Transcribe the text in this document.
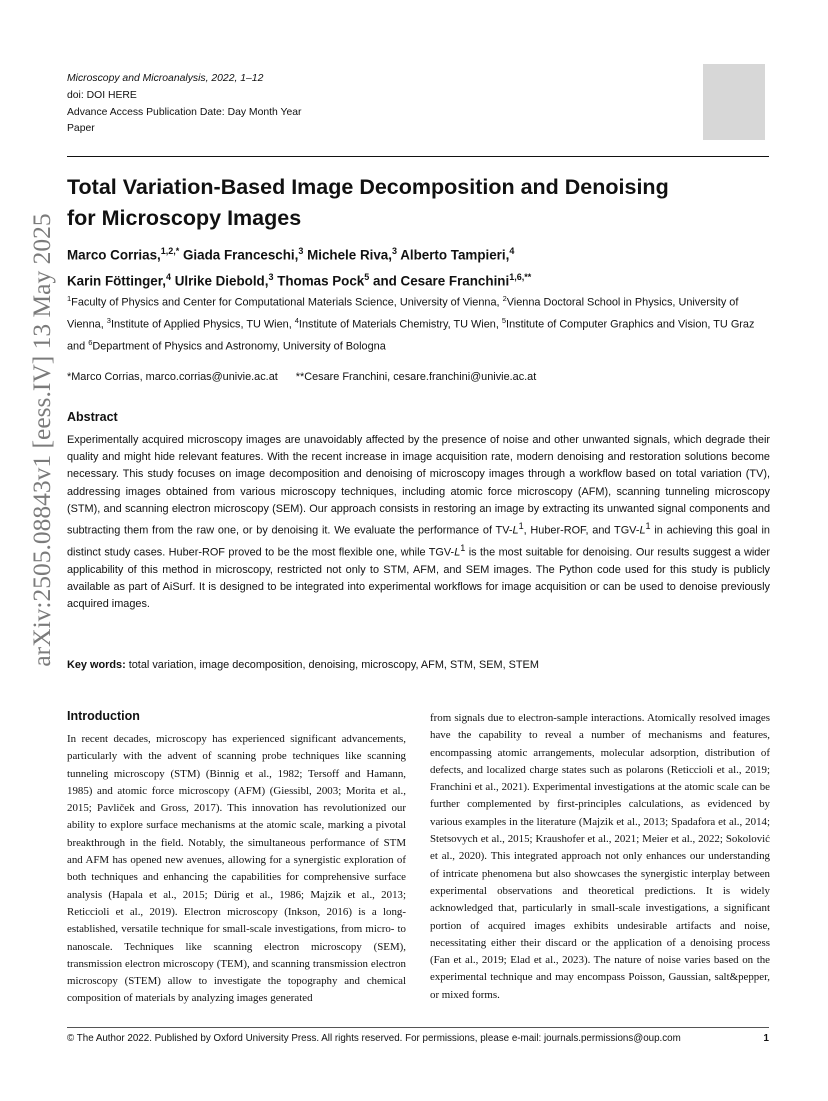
Microscopy and Microanalysis, 2022, 1–12
doi: DOI HERE
Advance Access Publication Date: Day Month Year
Paper
arXiv:2505.08843v1 [eess.IV] 13 May 2025
Total Variation-Based Image Decomposition and Denoising for Microscopy Images
Marco Corrias,$^{1,2,*}$ Giada Franceschi,$^3$ Michele Riva,$^3$ Alberto Tampieri,$^4$
Karin Föttinger,$^4$ Ulrike Diebold,$^3$ Thomas Pock$^5$ and Cesare Franchini$^{1,6,**}$
$^1$Faculty of Physics and Center for Computational Materials Science, University of Vienna, $^2$Vienna Doctoral School in Physics, University of Vienna, $^3$Institute of Applied Physics, TU Wien, $^4$Institute of Materials Chemistry, TU Wien, $^5$Institute of Computer Graphics and Vision, TU Graz and $^6$Department of Physics and Astronomy, University of Bologna
*Marco Corrias, marco.corrias@univie.ac.at **Cesare Franchini, cesare.franchini@univie.ac.at
Abstract
Experimentally acquired microscopy images are unavoidably affected by the presence of noise and other unwanted signals, which degrade their quality and might hide relevant features. With the recent increase in image acquisition rate, modern denoising and restoration solutions become necessary. This study focuses on image decomposition and denoising of microscopy images through a workflow based on total variation (TV), addressing images obtained from various microscopy techniques, including atomic force microscopy (AFM), scanning tunneling microscopy (STM), and scanning electron microscopy (SEM). Our approach consists in restoring an image by extracting its unwanted signal components and subtracting them from the raw one, or by denoising it. We evaluate the performance of $TV-L^1$, Huber-ROF, and TGV-$L^1$ in achieving this goal in distinct study cases. Huber-ROF proved to be the most flexible one, while TGV-$L^1$ is the most suitable for denoising. Our results suggest a wider applicability of this method in microscopy, restricted not only to STM, AFM, and SEM images. The Python code used for this study is publicly available as part of AiSurf. It is designed to be integrated into experimental workflows for image acquisition or can be used to denoise previously acquired images.
Key words: total variation, image decomposition, denoising, microscopy, AFM, STM, SEM, STEM
Introduction
In recent decades, microscopy has experienced significant advancements, particularly with the advent of scanning probe techniques like scanning tunneling microscopy (STM) (Binnig et al., 1982; Tersoff and Hamann, 1985) and atomic force microscopy (AFM) (Giessibl, 2003; Morita et al., 2015; Pavliček and Gross, 2017). This innovation has revolutionized our ability to explore surface mechanisms at the atomic scale, marking a pivotal breakthrough in the field. Notably, the simultaneous performance of STM and AFM has opened new avenues, allowing for a synergistic exploration of both techniques and enhancing the capabilities for comprehensive surface analysis (Hapala et al., 2015; Dürig et al., 1986; Majzik et al., 2013; Reticcioli et al., 2019). Electron microscopy (Inkson, 2016) is a long-established, versatile technique for small-scale investigations, from micro- to nanoscale. Techniques like scanning electron microscopy (SEM), transmission electron microscopy (TEM), and scanning transmission electron microscopy (STEM) allow to investigate the topography and chemical composition of materials by analyzing images generated
from signals due to electron-sample interactions. Atomically resolved images have the capability to reveal a number of mechanisms and features, encompassing atomic arrangements, molecular adsorption, distribution of defects, and localized charge states such as polarons (Reticcioli et al., 2019; Franchini et al., 2021). Experimental investigations at the atomic scale can be further complemented by first-principles calculations, as evidenced by various examples in the literature (Majzik et al., 2013; Spadafora et al., 2014; Stetsovych et al., 2015; Kraushofer et al., 2021; Meier et al., 2022; Sokolović et al., 2020). This integrated approach not only enhances our understanding of intricate phenomena but also showcases the synergistic interplay between experimental observations and theoretical predictions. It is widely acknowledged that, particularly in small-scale investigations, a significant portion of acquired images exhibits undesirable artifacts and noise, necessitating either their discard or the application of a denoising process (Fan et al., 2019; Elad et al., 2023). The nature of noise varies based on the experimental technique and may encompass Poisson, Gaussian, salt&pepper, or mixed forms.
© The Author 2022. Published by Oxford University Press. All rights reserved. For permissions, please e-mail: journals.permissions@oup.com	1
